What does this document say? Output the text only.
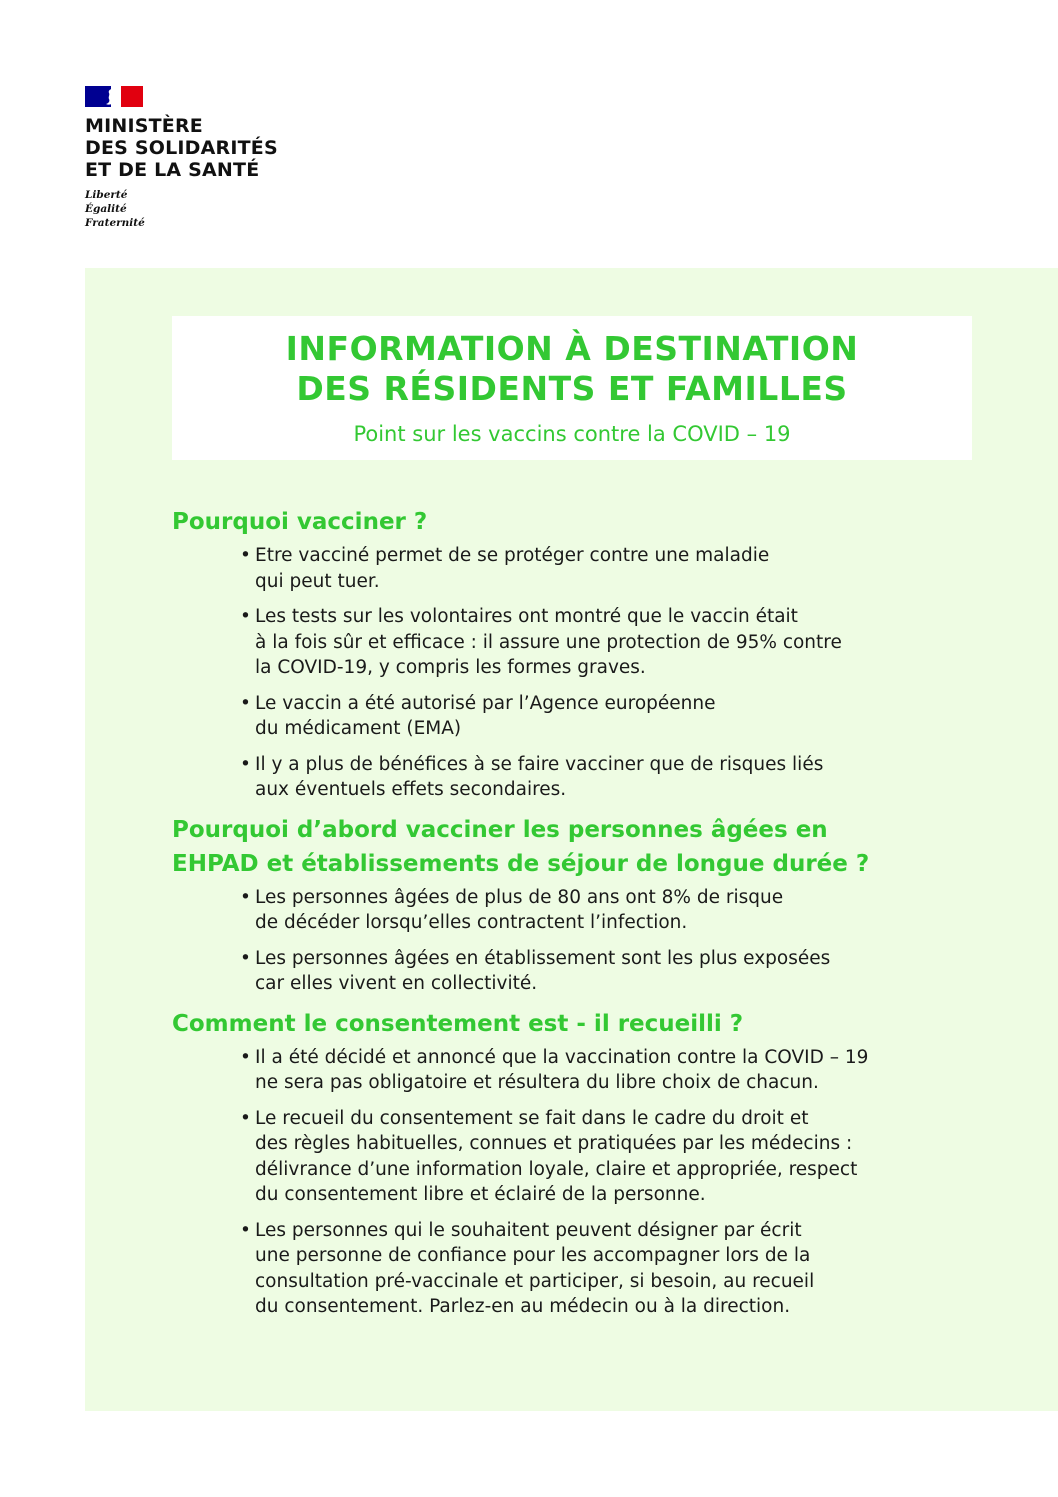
MINISTÈRE
DES SOLIDARITÉS
ET DE LA SANTÉ
Liberté
Égalité
Fraternité
INFORMATION À DESTINATION
DES RÉSIDENTS ET FAMILLES
Point sur les vaccins contre la COVID – 19
Pourquoi vacciner ?
• Etre vacciné permet de se protéger contre une maladie
qui peut tuer.
• Les tests sur les volontaires ont montré que le vaccin était
à la fois sûr et efficace : il assure une protection de 95% contre
la COVID-19, y compris les formes graves.
• Le vaccin a été autorisé par l’Agence européenne
du médicament (EMA)
• Il y a plus de bénéfices à se faire vacciner que de risques liés
aux éventuels effets secondaires.
Pourquoi d’abord vacciner les personnes âgées en
EHPAD et établissements de séjour de longue durée ?
• Les personnes âgées de plus de 80 ans ont 8% de risque
de décéder lorsqu’elles contractent l’infection.
• Les personnes âgées en établissement sont les plus exposées
car elles vivent en collectivité.
Comment le consentement est - il recueilli ?
• Il a été décidé et annoncé que la vaccination contre la COVID – 19
ne sera pas obligatoire et résultera du libre choix de chacun.
• Le recueil du consentement se fait dans le cadre du droit et
des règles habituelles, connues et pratiquées par les médecins :
délivrance d’une information loyale, claire et appropriée, respect
du consentement libre et éclairé de la personne.
• Les personnes qui le souhaitent peuvent désigner par écrit
une personne de confiance pour les accompagner lors de la
consultation pré-vaccinale et participer, si besoin, au recueil
du consentement. Parlez-en au médecin ou à la direction.
